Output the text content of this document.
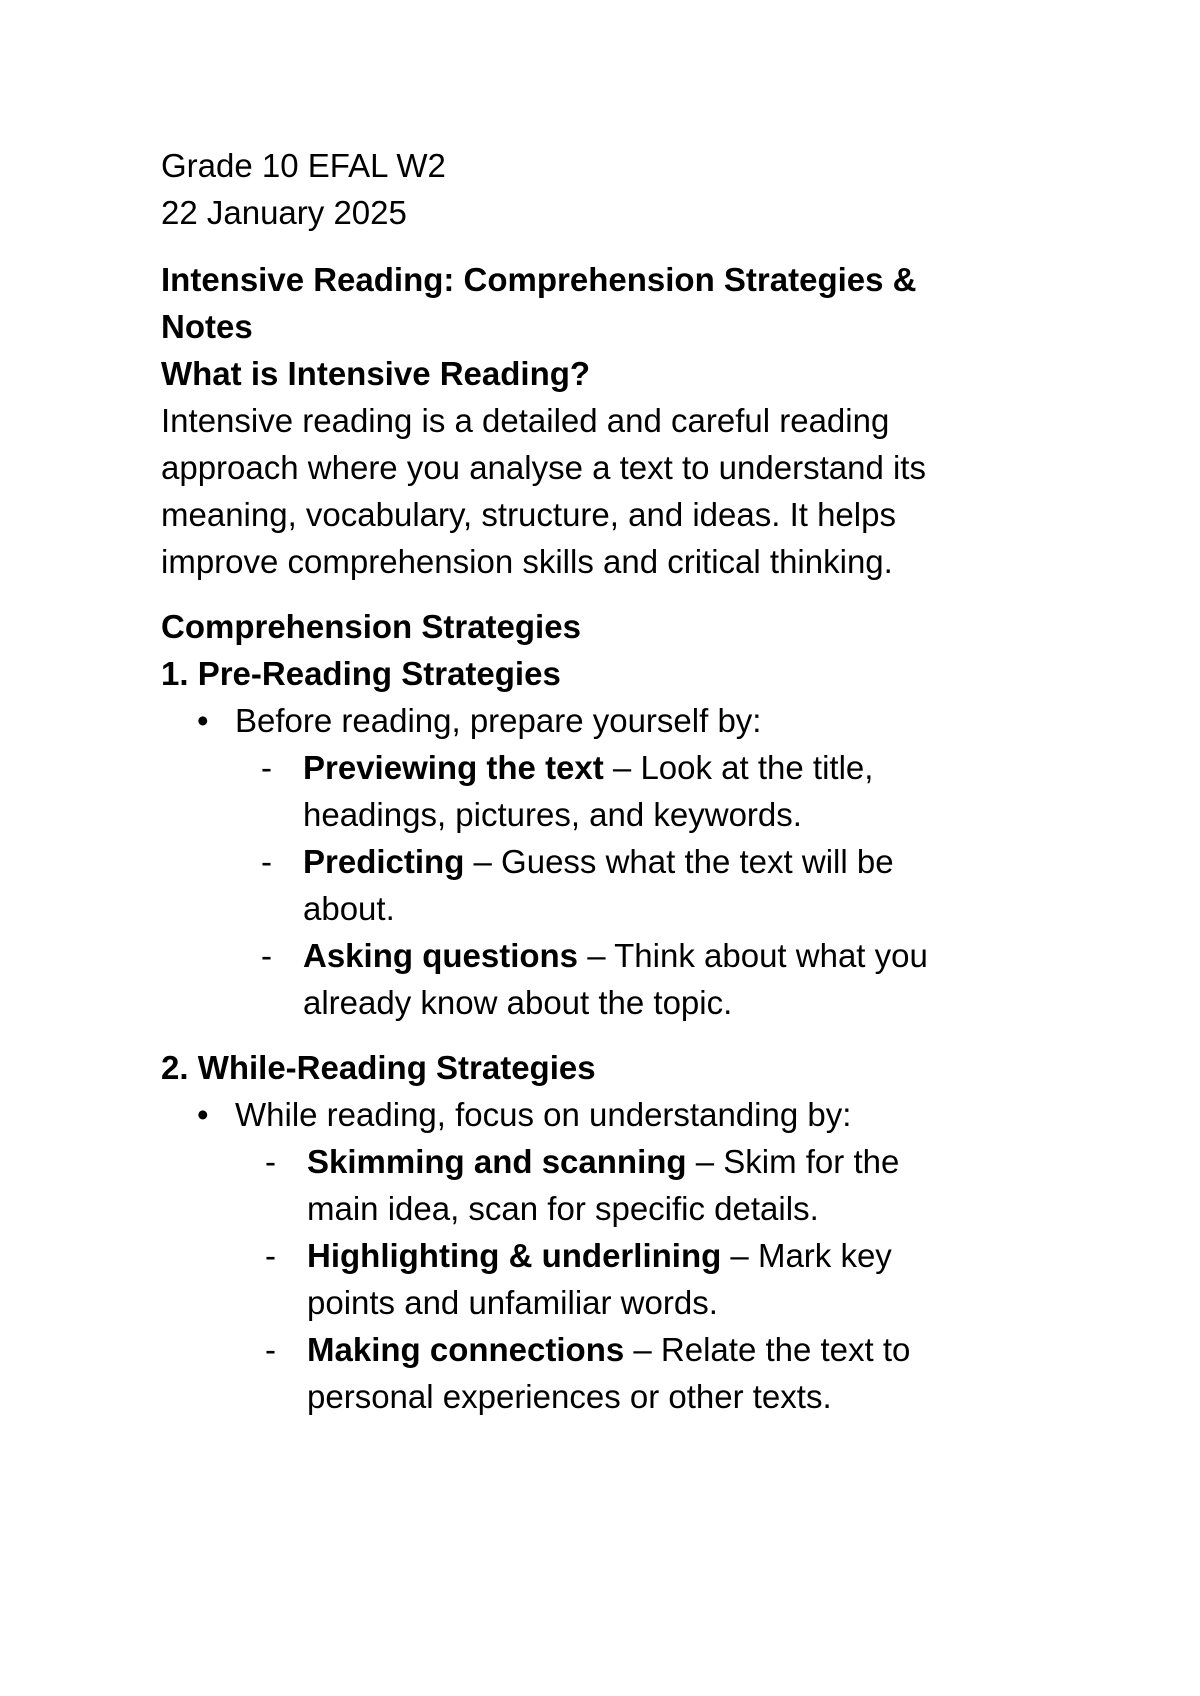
Grade 10 EFAL W2

22 January 2025

Intensive Reading: Comprehension Strategies &

Notes

What is Intensive Reading?

Intensive reading is a detailed and careful reading

approach where you analyse a text to understand its

meaning, vocabulary, structure, and ideas. It helps

improve comprehension skills and critical thinking.

Comprehension Strategies

1. Pre-Reading Strategies

• Before reading, prepare yourself by:
- Previewing the text – Look at the title,
headings, pictures, and keywords.
- Predicting – Guess what the text will be
about.
- Asking questions – Think about what you
already know about the topic.

2. While-Reading Strategies

• While reading, focus on understanding by:
- Skimming and scanning – Skim for the
main idea, scan for specific details.
- Highlighting & underlining – Mark key
points and unfamiliar words.
- Making connections – Relate the text to
personal experiences or other texts.
